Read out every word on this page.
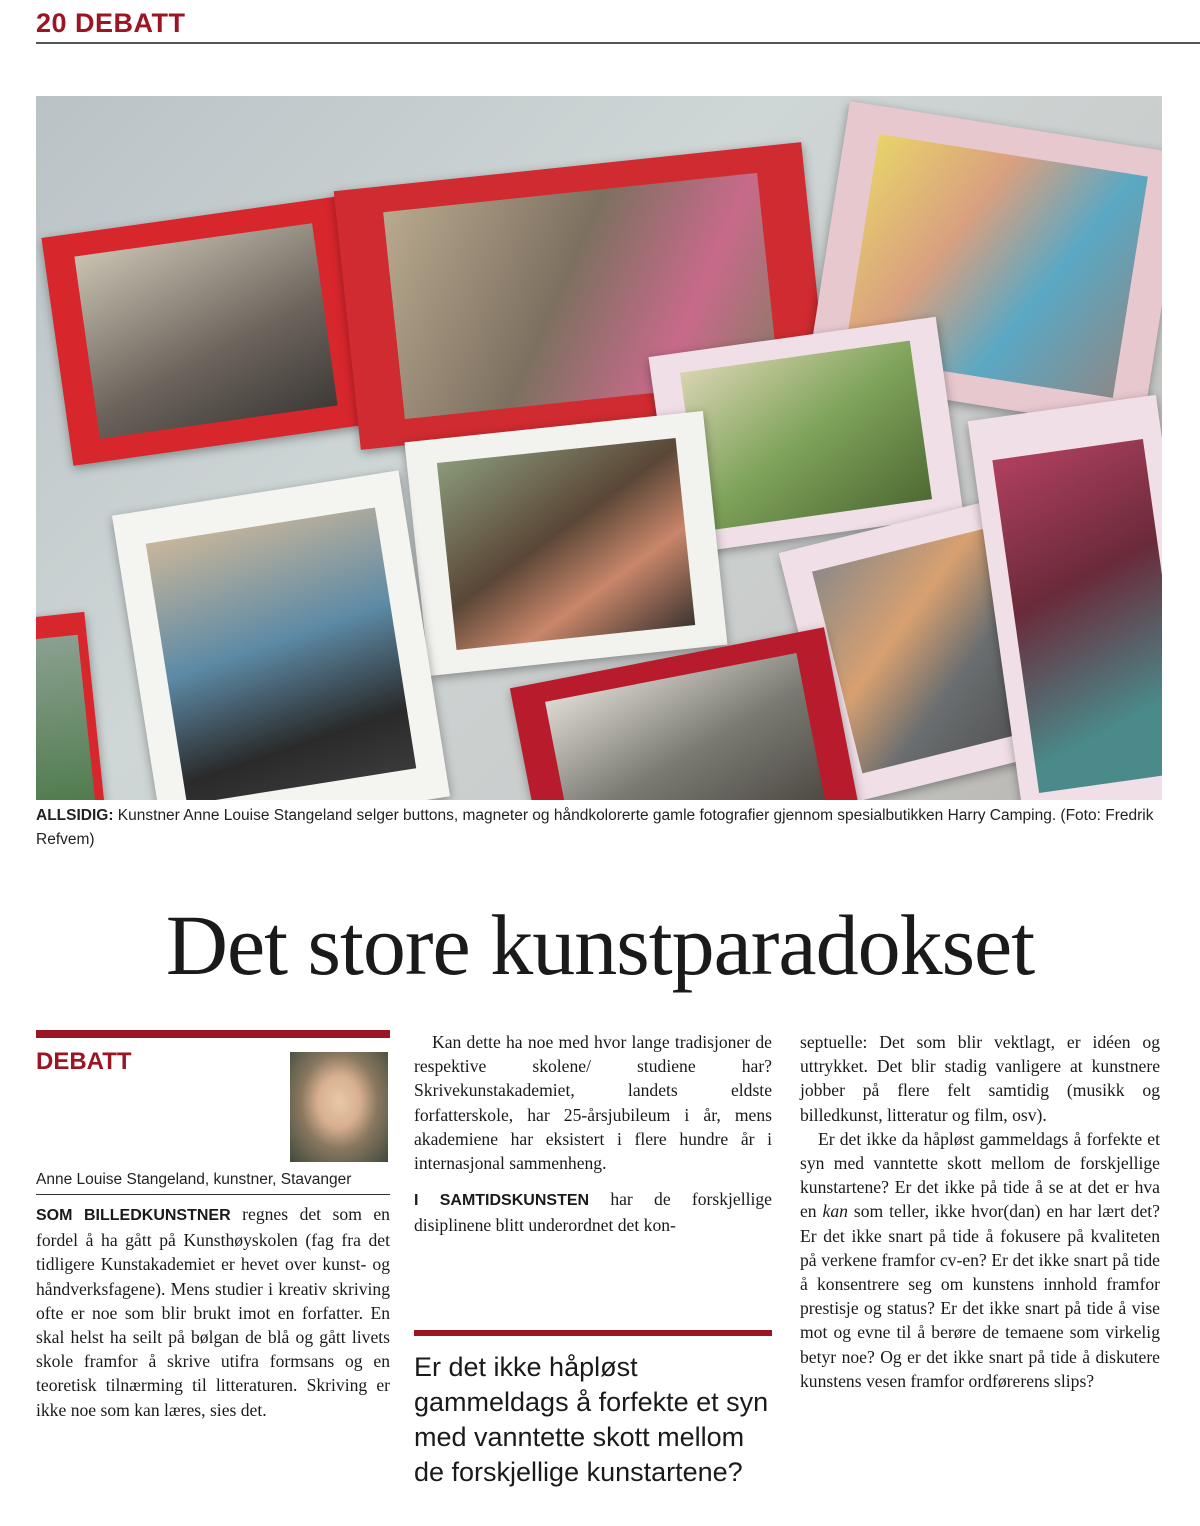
20 DEBATT
ALLSIDIG: Kunstner Anne Louise Stangeland selger buttons, magneter og håndkolorerte gamle fotografier gjennom spesialbutikken Harry Camping. (Foto: Fredrik Refvem)
Det store kunstparadokset
DEBATT
Anne Louise Stangeland, kunstner, Stavanger

SOM BILLEDKUNSTNER regnes det som en fordel å ha gått på Kunsthøyskolen (fag fra det tidligere Kunstakademiet er hevet over kunst- og håndverksfagene). Mens studier i kreativ skriving ofte er noe som blir brukt imot en forfatter. En skal helst ha seilt på bølgan de blå og gått livets skole framfor å skrive utifra formsans og en teoretisk tilnærming til litteraturen. Skriving er ikke noe som kan læres, sies det.

Kan dette ha noe med hvor lange tradisjoner de respektive skolene/ studiene har? Skrivekunstakademiet, landets eldste forfatterskole, har 25-årsjubileum i år, mens akademiene har eksistert i flere hundre år i internasjonal sammenheng.

I SAMTIDSKUNSTEN har de forskjellige disiplinene blitt underordnet det kon-

Er det ikke håpløst gammeldags å forfekte et syn med vanntette skott mellom de forskjellige kunstartene?

septuelle: Det som blir vektlagt, er idéen og uttrykket. Det blir stadig vanligere at kunstnere jobber på flere felt samtidig (musikk og billedkunst, litteratur og film, osv).

Er det ikke da håpløst gammeldags å forfekte et syn med vanntette skott mellom de forskjellige kunstartene? Er det ikke på tide å se at det er hva en kan som teller, ikke hvor(dan) en har lært det? Er det ikke snart på tide å fokusere på kvaliteten på verkene framfor cv-en? Er det ikke snart på tide å konsentrere seg om kunstens innhold framfor prestisje og status? Er det ikke snart på tide å vise mot og evne til å berøre de temaene som virkelig betyr noe? Og er det ikke snart på tide å diskutere kunstens vesen framfor ordførerens slips?
